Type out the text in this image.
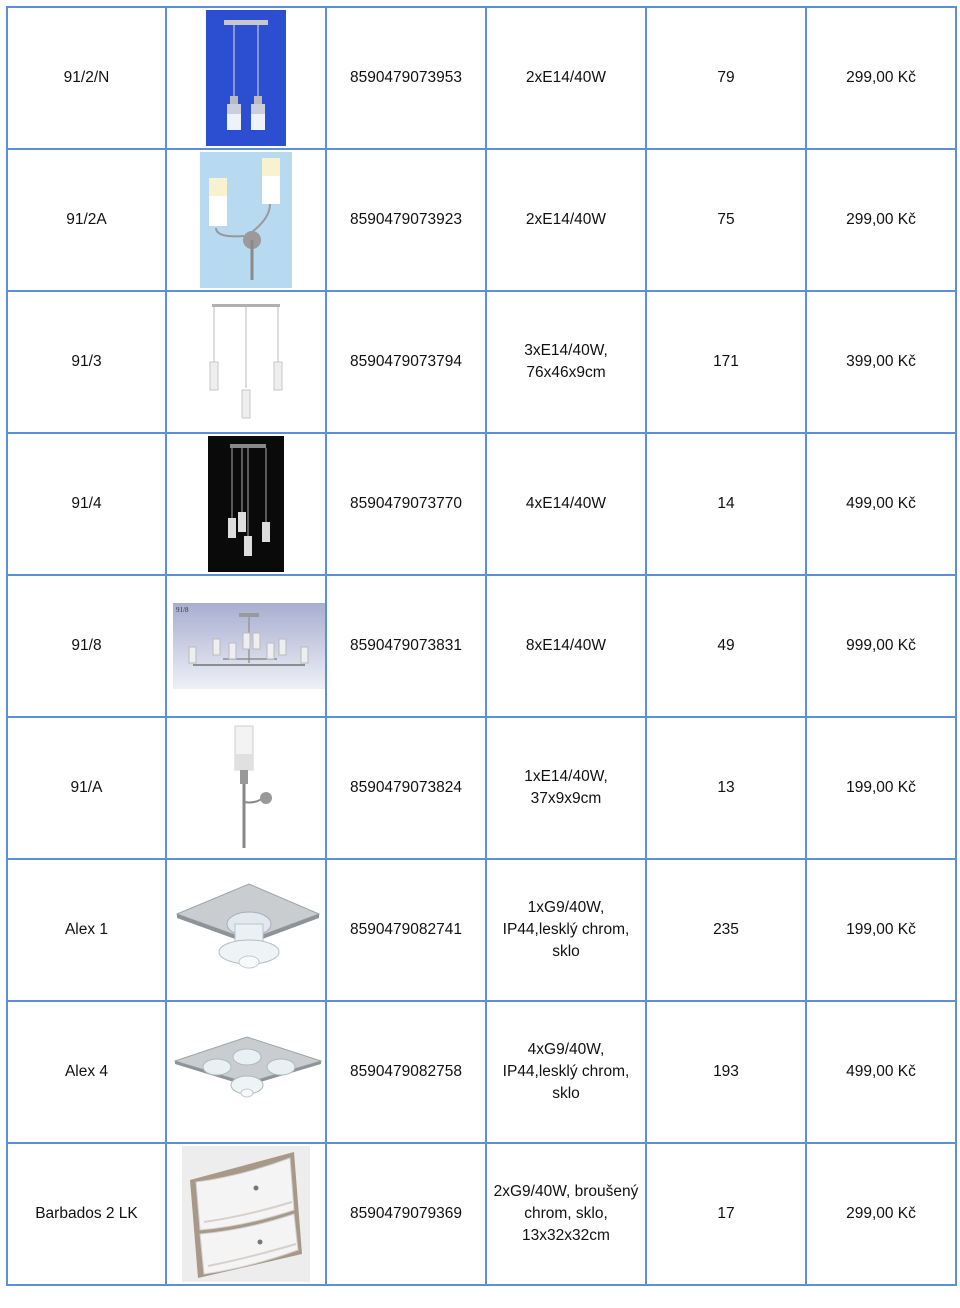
91/2/N		8590479073953	2xE14/40W	79	299,00 Kč
91/2A		8590479073923	2xE14/40W	75	299,00 Kč
91/3		8590479073794	3xE14/40W,
76x46x9cm	171	399,00 Kč
91/4		8590479073770	4xE14/40W	14	499,00 Kč
91/8	91/8	8590479073831	8xE14/40W	49	999,00 Kč
91/A		8590479073824	1xE14/40W,
37x9x9cm	13	199,00 Kč
Alex 1		8590479082741	1xG9/40W,
IP44,lesklý chrom,
sklo	235	199,00 Kč
Alex 4		8590479082758	4xG9/40W,
IP44,lesklý chrom,
sklo	193	499,00 Kč
Barbados 2 LK		8590479079369	2xG9/40W, broušený
chrom, sklo,
13x32x32cm	17	299,00 Kč
